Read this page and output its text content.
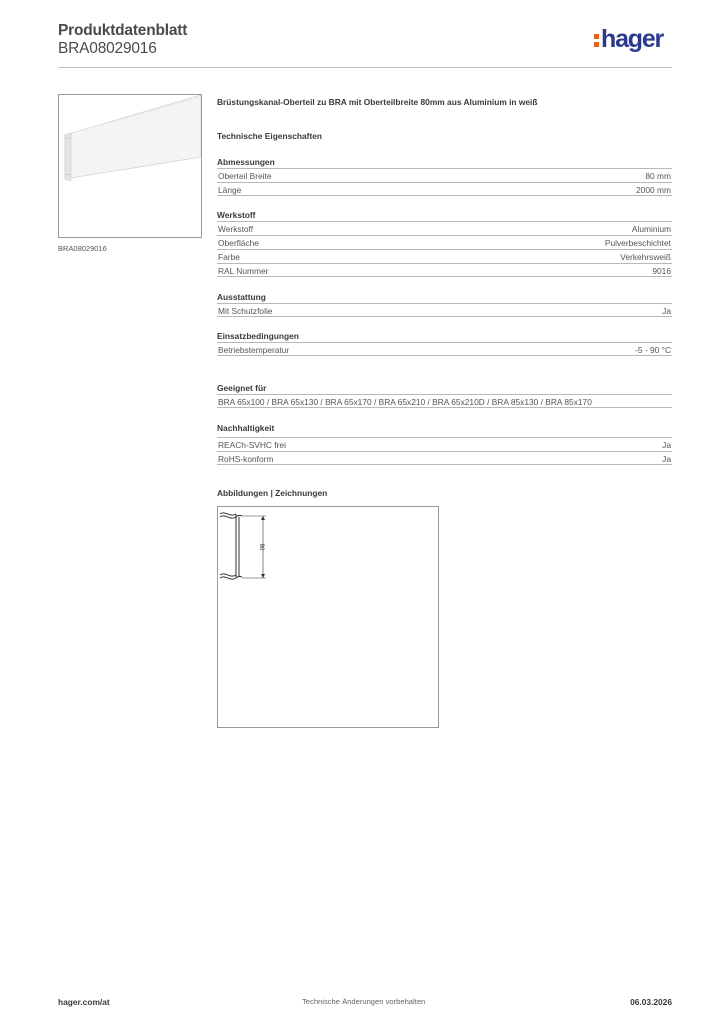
Produktdatenblatt
BRA08029016	hager
BRA08029016
Brüstungskanal-Oberteil zu BRA mit Oberteilbreite 80mm aus Aluminium in weiß
Technische Eigenschaften
Abmessungen
Oberteil Breite	80 mm
Länge	2000 mm
Werkstoff
Werkstoff	Aluminium
Oberfläche	Pulverbeschichtet
Farbe	Verkehrsweiß
RAL Nummer	9016
Ausstattung
Mit Schutzfolie	Ja
Einsatzbedingungen
Betriebstemperatur	-5 - 90 °C
Geeignet für
BRA 65x100 / BRA 65x130 / BRA 65x170 / BRA 65x210 / BRA 65x210D / BRA 85x130 / BRA 85x170
Nachhaltigkeit
REACh-SVHC frei	Ja
RoHS-konform	Ja
Abbildungen | Zeichnungen
80
hager.com/at	Technische Änderungen vorbehalten	06.03.2026
